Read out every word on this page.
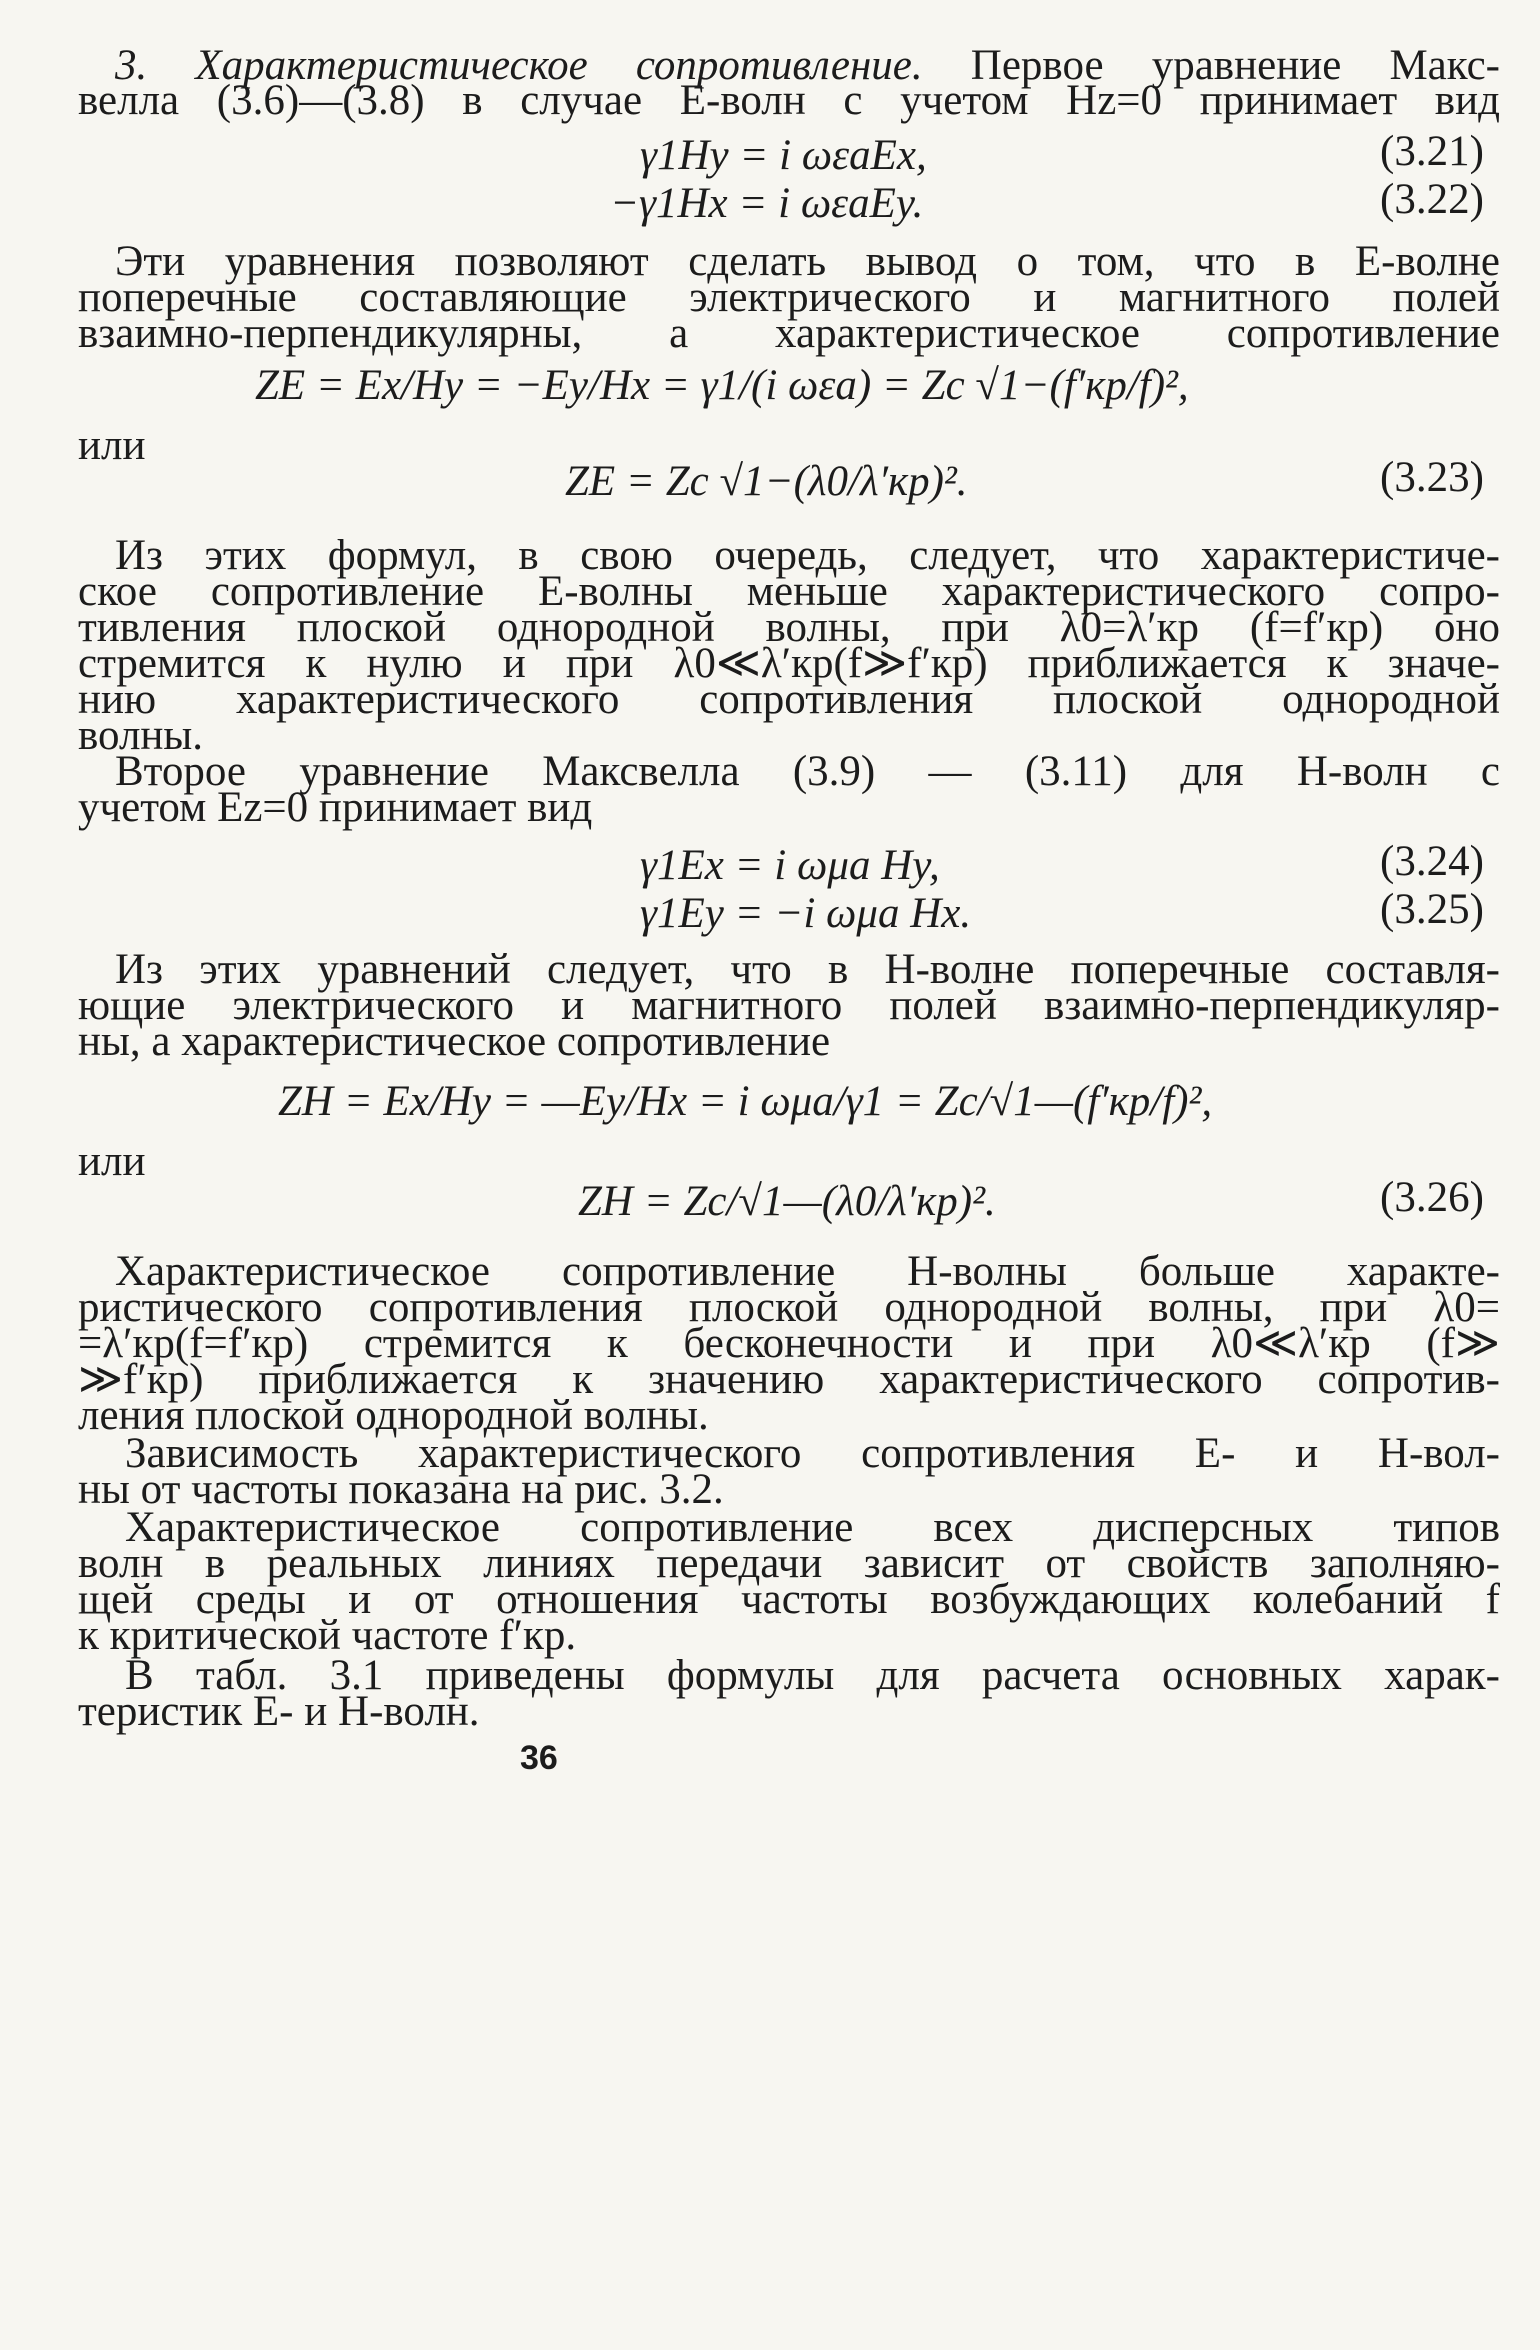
3. Характеристическое сопротивление. Первое уравнение Макс-
велла (3.6)—(3.8) в случае Е-волн с учетом Hz=0 принимает вид
γ1Hy = i ωεaEx,	(3.21)
−γ1Hx = i ωεaEy.	(3.22)
Эти уравнения позволяют сделать вывод о том, что в Е-волне
поперечные составляющие электрического и магнитного полей
взаимно-перпендикулярны, а характеристическое сопротивление
ZE = Ex/Hy = −Ey/Hx = γ1/(i ωεa) = Zc √1−(f′кр/f)²,
или
ZE = Zc √1−(λ0/λ′кр)².	(3.23)
Из этих формул, в свою очередь, следует, что характеристиче-
ское сопротивление Е-волны меньше характеристического сопро-
тивления плоской однородной волны, при λ0=λ′кр (f=f′кр) оно
стремится к нулю и при λ0≪λ′кр(f≫f′кр) приближается к значе-
нию характеристического сопротивления плоской однородной
волны.
Второе уравнение Максвелла (3.9) — (3.11) для Н-волн с
учетом Ez=0 принимает вид
γ1Ex = i ωμa Hy,	(3.24)
γ1Ey = −i ωμa Hx.	(3.25)
Из этих уравнений следует, что в Н-волне поперечные составля-
ющие электрического и магнитного полей взаимно-перпендикуляр-
ны, а характеристическое сопротивление
ZH = Ex/Hy = —Ey/Hx = i ωμa/γ1 = Zc/√1—(f′кр/f)²,
или
ZH = Zc/√1—(λ0/λ′кр)².	(3.26)
Характеристическое сопротивление Н-волны больше характе-
ристического сопротивления плоской однородной волны, при λ0=
=λ′кр(f=f′кр) стремится к бесконечности и при λ0≪λ′кр (f≫
≫f′кр) приближается к значению характеристического сопротив-
ления плоской однородной волны.
Зависимость характеристического сопротивления Е- и Н-вол-
ны от частоты показана на рис. 3.2.
Характеристическое сопротивление всех дисперсных типов
волн в реальных линиях передачи зависит от свойств заполняю-
щей среды и от отношения частоты возбуждающих колебаний f
к критической частоте f′кр.
В табл. 3.1 приведены формулы для расчета основных харак-
теристик Е- и Н-волн.
36
